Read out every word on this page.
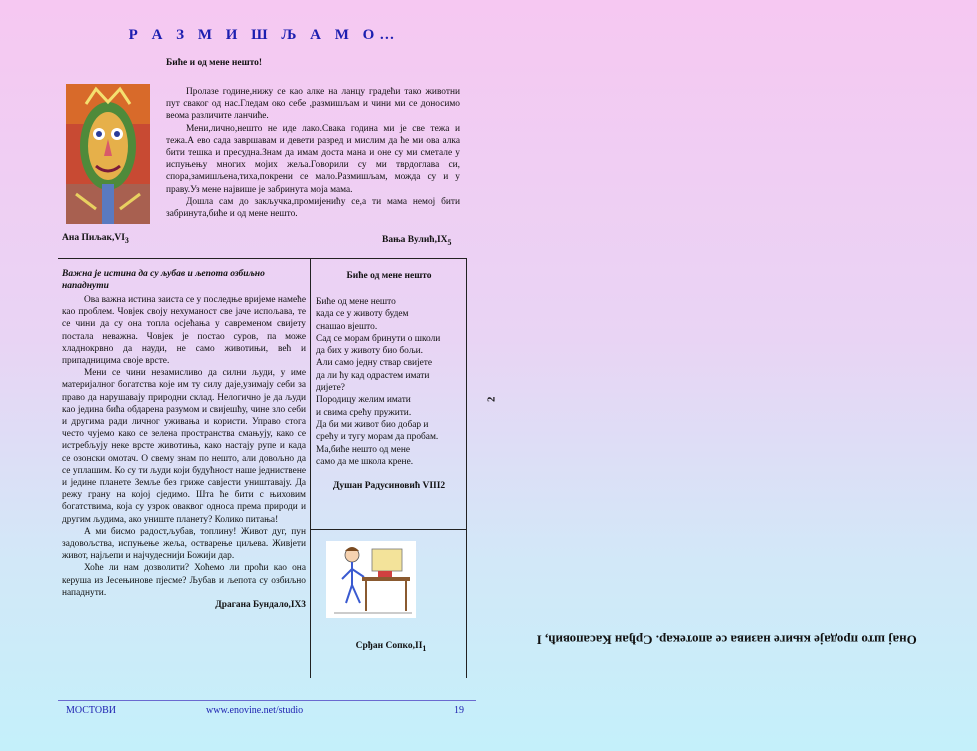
Р А З М И Ш Љ А М О…
Ана $Пиљак,VI_3$
Биће и од мене нешто!

Пролазе године,нижу се као алке на ланцу градећи тако животни пут сваког од нас.Гледам око себе ,размишљам и чини ми се доносимо веома различите ланчиће.

Мени,лично,нешто не иде лако.Свака година ми је све тежа и тежа.А ево сада завршавам и девети разред и мислим да ће ми ова алка бити тешка и пресудна.Знам да имам доста мана и оне су ми сметале у испуњењу многих мојих жеља.Говорили су ми тврдоглава си, спора,замишљена,тиха,покрени се мало.Размишљам, можда су и у праву.Уз мене највише је забринута моја мама.

Дошла сам до закључка,промијенићу се,а ти мама немој бити забринута,биће и од мене нешто.

Вања $Вулић,IX_5$
Важна је истина да су љубав и љепота озбиљно нападнути

Ова важна истина заиста се у последње вријеме намеће као проблем. Човјек своју нехуманост све јаче испољава, те се чини да су она топла осјећања у савременом свијету постала неважна. Човјек је постао суров, па може хладнокрвно да науди, не само животињи, већ и припадницима своје врсте.

Мени се чини незамисливо да силни људи, у име материјалног богатства које им ту силу даје,узимају себи за право да нарушавају природни склад. Нелогично је да људи као једина бића обдарена разумом и свијешћу, чине зло себи и другима ради личног уживања и користи. Управо стога често чујемо како се зелена пространства смањују, како се истребљују неке врсте животиња, како настају рупе и када се озонски омотач. О свему знам по нешто, али довољно да се уплашим. Ко су ти људи који будућност наше једниствене и једине планете Земље без гриже савјести уништавају. Да режу грану на којој сједимо. Шта ће бити с њиховим богатствима, која су узрок оваквог односа према природи и другим људима, ако униште планету? Колико питања!

А ми бисмо радост,љубав, топлину! Живот дуг, пун задовољства, испуњење жеља, остварење циљева. Живјети живот, најљепи и најчудеснији Божији дар.

Хоће ли нам дозволити? Хоћемо ли проћи као она керуша из Јесењинове пјесме? Љубав и љепота су озбиљно нападнути.

Драгана Бундало,IX3
Биће од мене нешто
Биће од мене нешто
када се у животу будем
снашао вјешто.
Сад се морам бринути о школи
да бих у животу био бољи.
Али само једну ствар свијете
да ли ћу кад одрастем имати
дијете?
Породицу желим имати
и свима срећу пружити.
Да би ми живот био добар и
срећу и тугу морам да пробам.
Ма,биће нешто од мене
само да ме школа крене.
Душан Радусиновић VIII2
Срђан $Сопко,II_1$
Онај што продаје књиге назива се апотекар. Срђан Касаповић, I
$_2$
МОСТОВИ	www.enovine.net/studio	19
